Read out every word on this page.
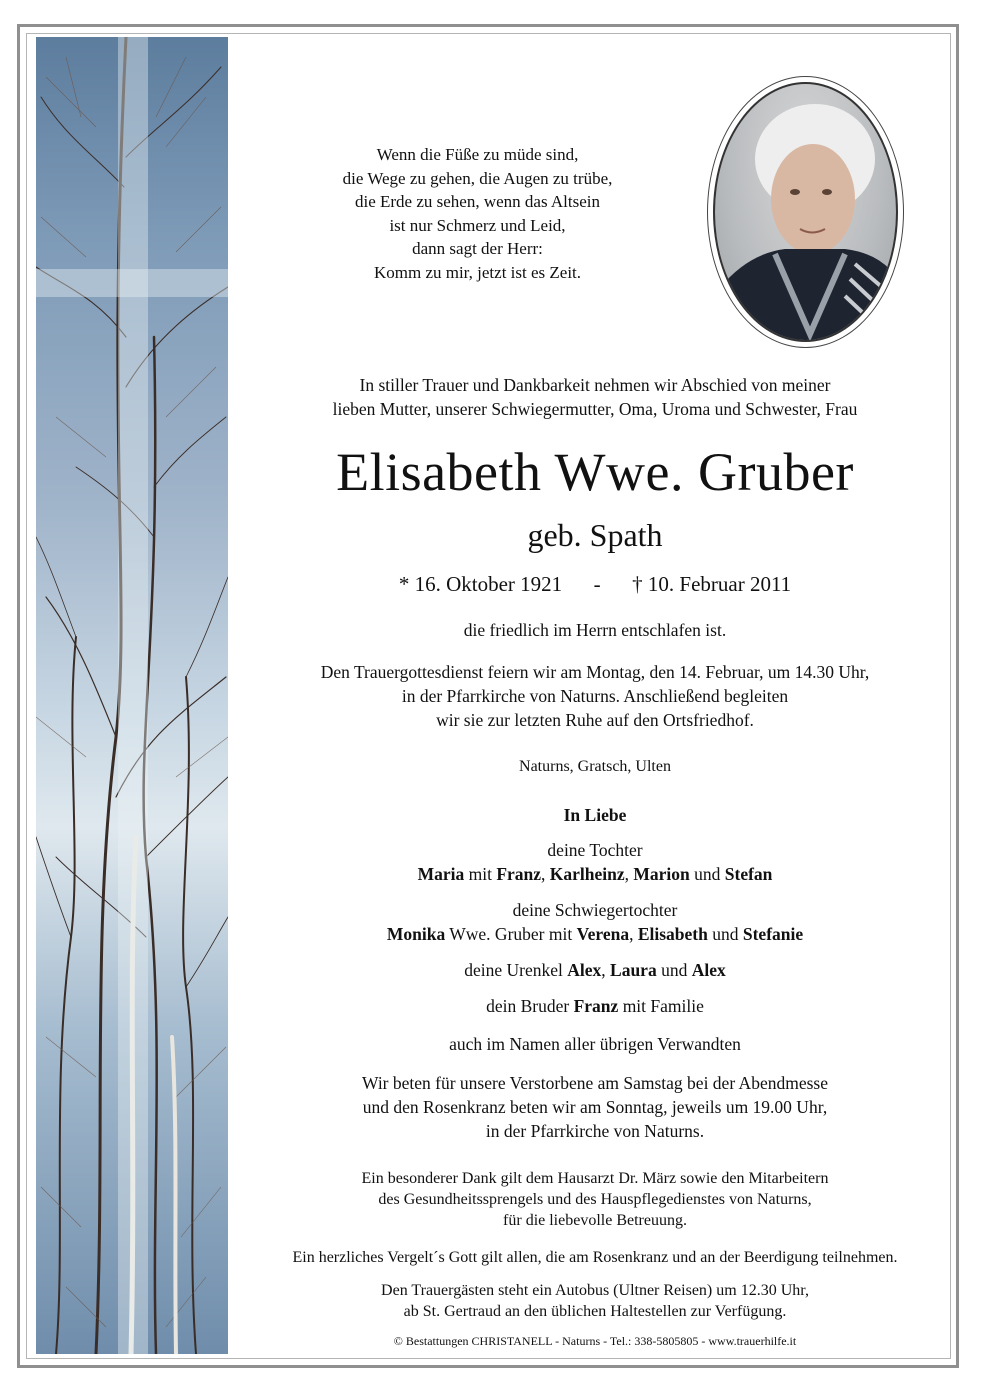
Wenn die Füße zu müde sind,
die Wege zu gehen, die Augen zu trübe,
die Erde zu sehen, wenn das Altsein
ist nur Schmerz und Leid,
dann sagt der Herr:
Komm zu mir, jetzt ist es Zeit.
In stiller Trauer und Dankbarkeit nehmen wir Abschied von meiner
lieben Mutter, unserer Schwiegermutter, Oma, Uroma und Schwester, Frau
Elisabeth Wwe. Gruber
geb. Spath
* 16. Oktober 1921 - † 10. Februar 2011
die friedlich im Herrn entschlafen ist.
Den Trauergottesdienst feiern wir am Montag, den 14. Februar, um 14.30 Uhr,
in der Pfarrkirche von Naturns. Anschließend begleiten
wir sie zur letzten Ruhe auf den Ortsfriedhof.
Naturns, Gratsch, Ulten
In Liebe
deine Tochter
Maria mit Franz, Karlheinz, Marion und Stefan
deine Schwiegertochter
Monika Wwe. Gruber mit Verena, Elisabeth und Stefanie
deine Urenkel Alex, Laura und Alex
dein Bruder Franz mit Familie
auch im Namen aller übrigen Verwandten
Wir beten für unsere Verstorbene am Samstag bei der Abendmesse
und den Rosenkranz beten wir am Sonntag, jeweils um 19.00 Uhr,
in der Pfarrkirche von Naturns.
Ein besonderer Dank gilt dem Hausarzt Dr. März sowie den Mitarbeitern
des Gesundheitssprengels und des Hauspflegedienstes von Naturns,
für die liebevolle Betreuung.
Ein herzliches Vergelt´s Gott gilt allen, die am Rosenkranz und an der Beerdigung teilnehmen.
Den Trauergästen steht ein Autobus (Ultner Reisen) um 12.30 Uhr,
ab St. Gertraud an den üblichen Haltestellen zur Verfügung.
© Bestattungen CHRISTANELL - Naturns - Tel.: 338-5805805 - www.trauerhilfe.it
